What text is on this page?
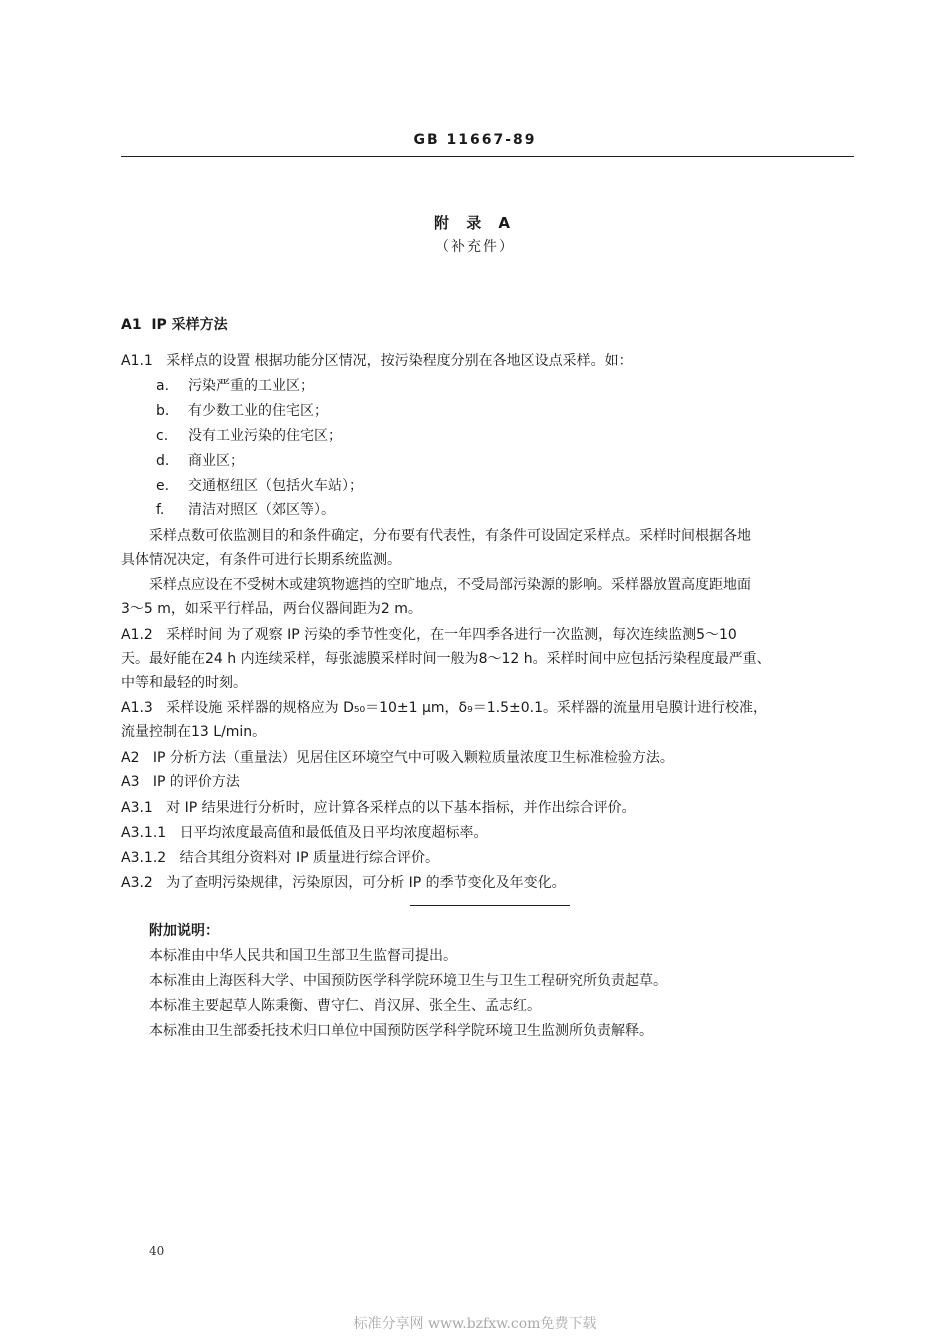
GB 11667-89
附 录 A
（补充件）
A1 IP 采样方法
A1.1 采样点的设置 根据功能分区情况，按污染程度分别在各地区设点采样。如：
a. 污染严重的工业区；
b. 有少数工业的住宅区；
c. 没有工业污染的住宅区；
d. 商业区；
e. 交通枢纽区（包括火车站）；
f. 清洁对照区（郊区等）。
采样点数可依监测目的和条件确定，分布要有代表性，有条件可设固定采样点。采样时间根据各地
具体情况决定，有条件可进行长期系统监测。
采样点应设在不受树木或建筑物遮挡的空旷地点，不受局部污染源的影响。采样器放置高度距地面
3～5 m，如采平行样品，两台仪器间距为2 m。
A1.2 采样时间 为了观察 IP 污染的季节性变化，在一年四季各进行一次监测，每次连续监测5～10
天。最好能在24 h 内连续采样，每张滤膜采样时间一般为8～12 h。采样时间中应包括污染程度最严重、
中等和最轻的时刻。
A1.3 采样设施 采样器的规格应为 D₅₀＝10±1 μm，δ₉＝1.5±0.1。采样器的流量用皂膜计进行校准，
流量控制在13 L/min。
A2 IP 分析方法（重量法）见居住区环境空气中可吸入颗粒质量浓度卫生标准检验方法。
A3 IP 的评价方法
A3.1 对 IP 结果进行分析时，应计算各采样点的以下基本指标，并作出综合评价。
A3.1.1 日平均浓度最高值和最低值及日平均浓度超标率。
A3.1.2 结合其组分资料对 IP 质量进行综合评价。
A3.2 为了查明污染规律，污染原因，可分析 IP 的季节变化及年变化。
附加说明：
本标准由中华人民共和国卫生部卫生监督司提出。
本标准由上海医科大学、中国预防医学科学院环境卫生与卫生工程研究所负责起草。
本标准主要起草人陈秉衡、曹守仁、肖汉屏、张全生、孟志红。
本标准由卫生部委托技术归口单位中国预防医学科学院环境卫生监测所负责解释。
40
标准分享网 www.bzfxw.com免费下载
